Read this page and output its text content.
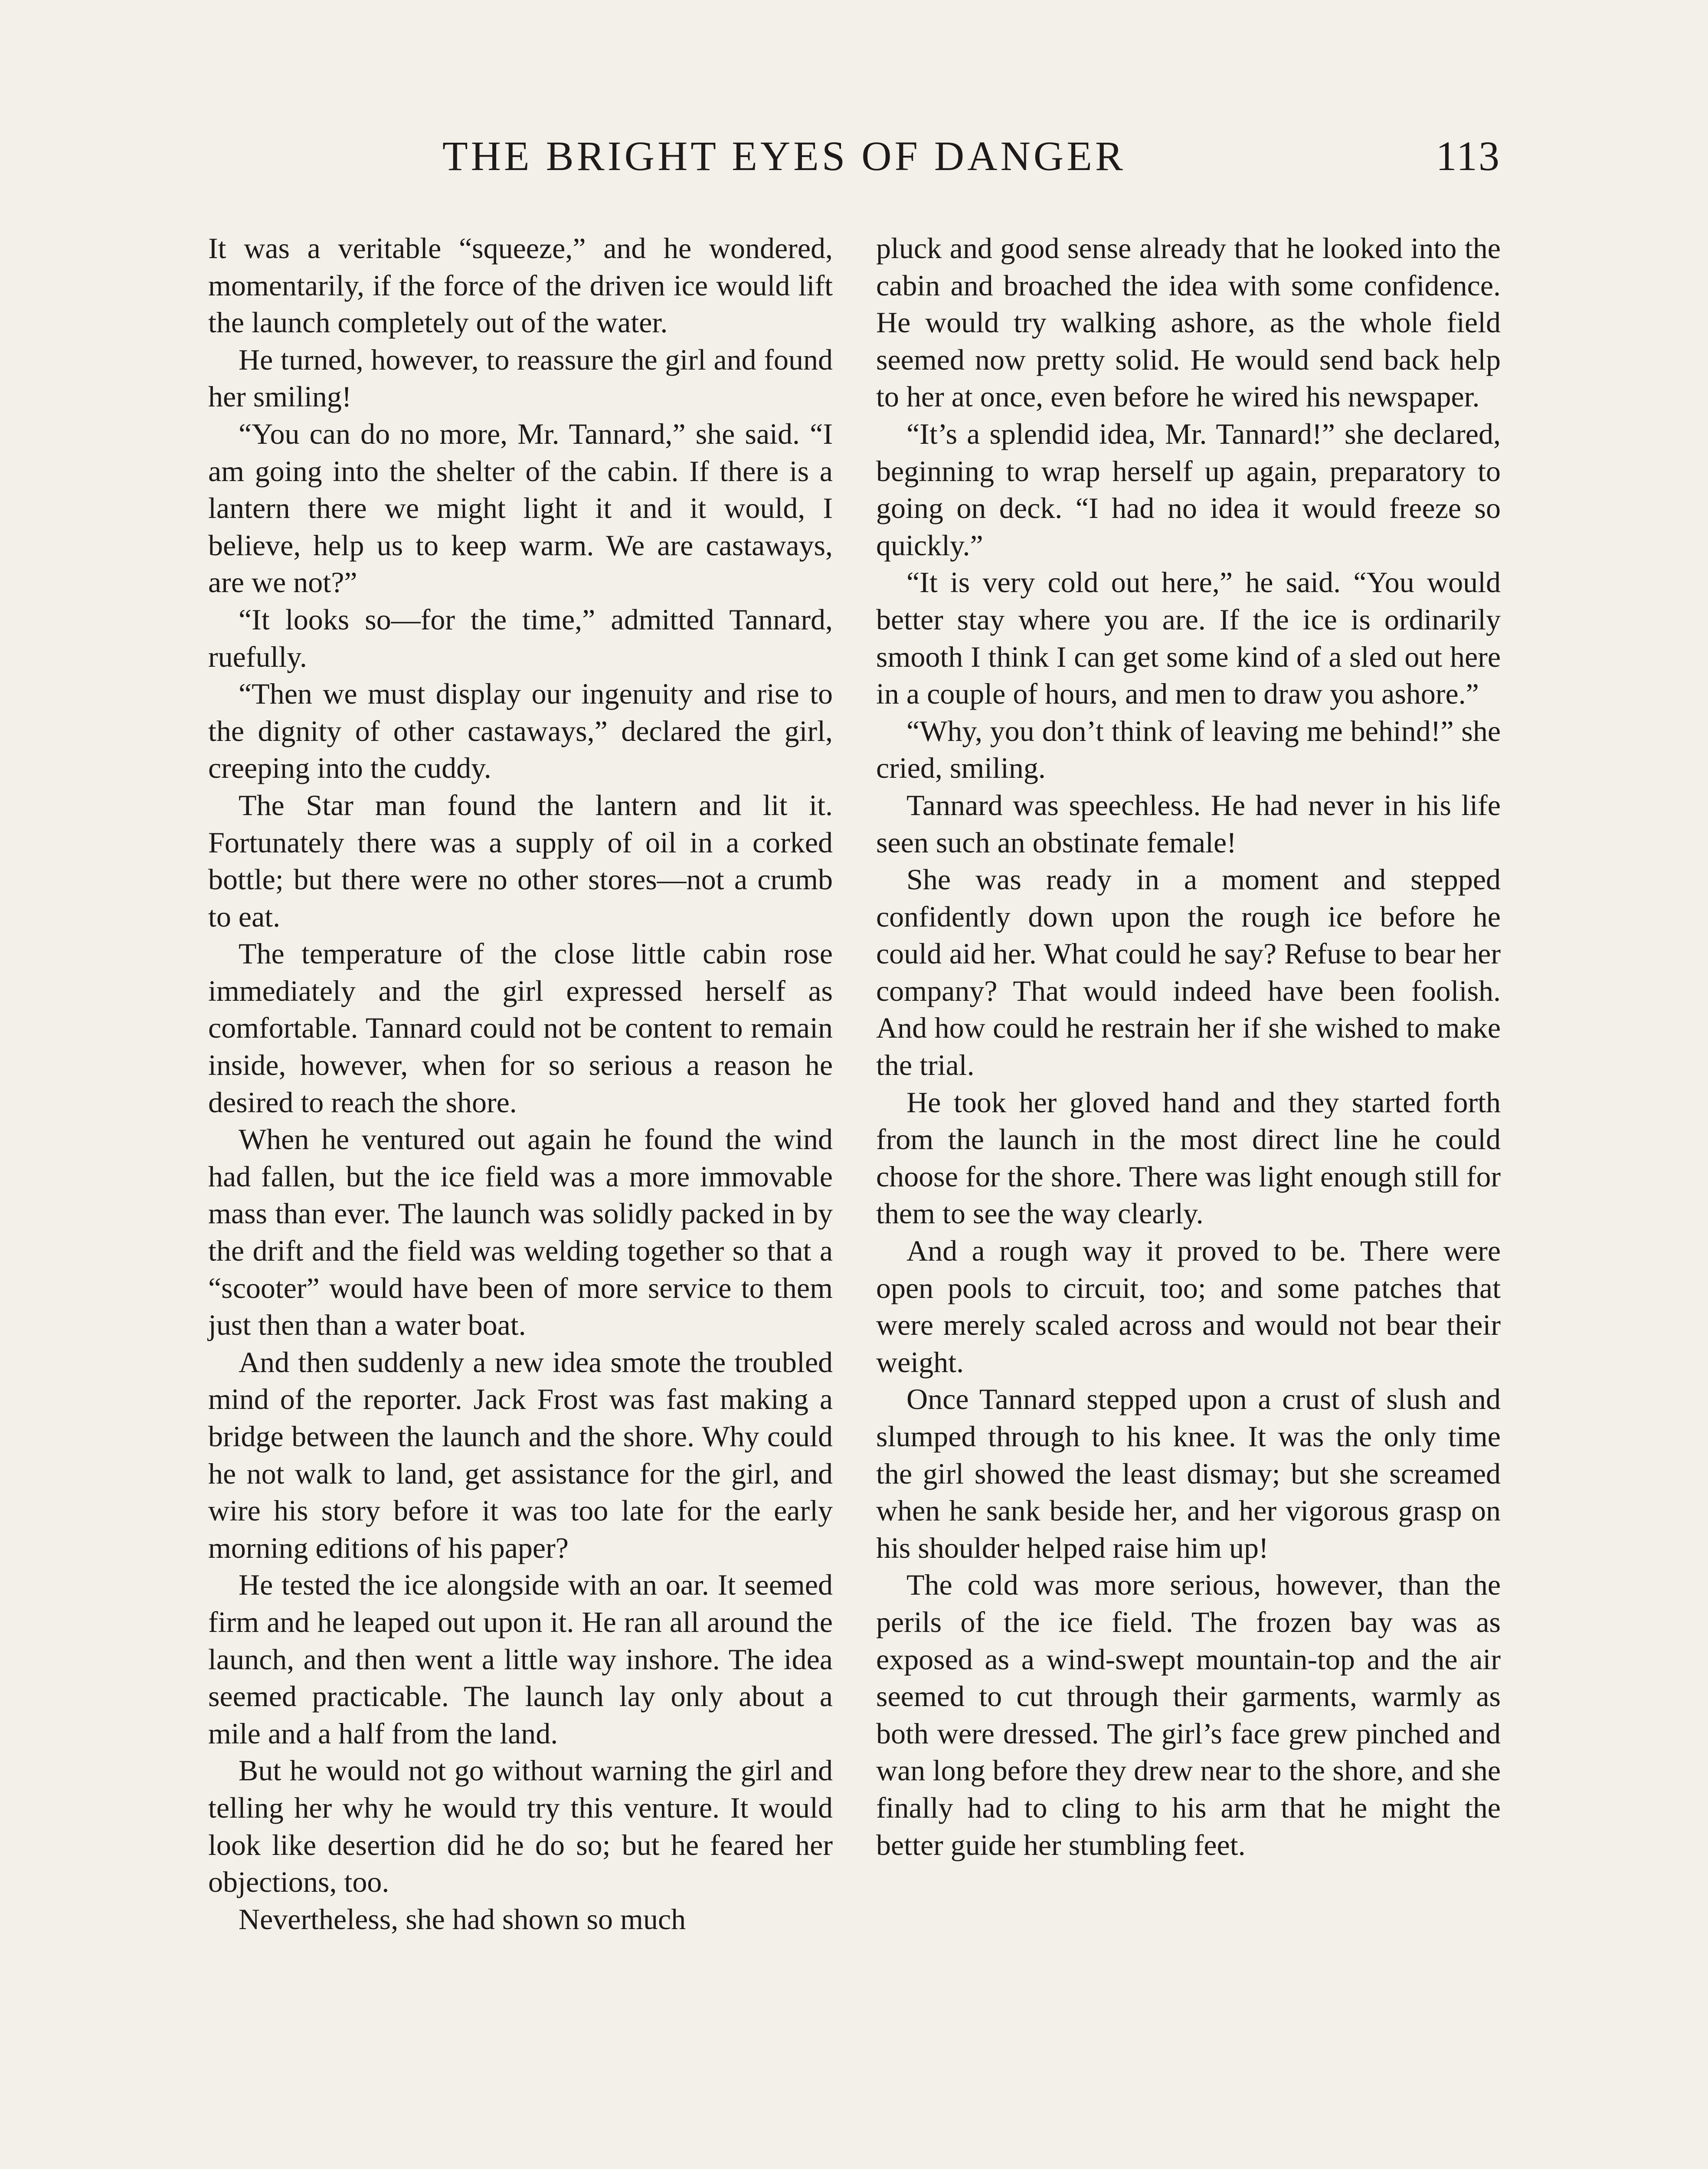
THE BRIGHT EYES OF DANGER	113

It was a veritable “squeeze,” and he wondered, momentarily, if the force of the driven ice would lift the launch completely out of the water.

He turned, however, to reassure the girl and found her smiling!

“You can do no more, Mr. Tannard,” she said. “I am going into the shelter of the cabin. If there is a lantern there we might light it and it would, I believe, help us to keep warm. We are castaways, are we not?”

“It looks so—for the time,” admitted Tannard, ruefully.

“Then we must display our ingenuity and rise to the dignity of other castaways,” declared the girl, creeping into the cuddy.

The Star man found the lantern and lit it. Fortunately there was a supply of oil in a corked bottle; but there were no other stores—not a crumb to eat.

The temperature of the close little cabin rose immediately and the girl expressed herself as comfortable. Tannard could not be content to remain inside, however, when for so serious a reason he desired to reach the shore.

When he ventured out again he found the wind had fallen, but the ice field was a more immovable mass than ever. The launch was solidly packed in by the drift and the field was welding together so that a “scooter” would have been of more service to them just then than a water boat.

And then suddenly a new idea smote the troubled mind of the reporter. Jack Frost was fast making a bridge between the launch and the shore. Why could he not walk to land, get assistance for the girl, and wire his story before it was too late for the early morning editions of his paper?

He tested the ice alongside with an oar. It seemed firm and he leaped out upon it. He ran all around the launch, and then went a little way inshore. The idea seemed practicable. The launch lay only about a mile and a half from the land.

But he would not go without warning the girl and telling her why he would try this venture. It would look like desertion did he do so; but he feared her objections, too.

Nevertheless, she had shown so much

pluck and good sense already that he looked into the cabin and broached the idea with some confidence. He would try walking ashore, as the whole field seemed now pretty solid. He would send back help to her at once, even before he wired his newspaper.

“It’s a splendid idea, Mr. Tannard!” she declared, beginning to wrap herself up again, preparatory to going on deck. “I had no idea it would freeze so quickly.”

“It is very cold out here,” he said. “You would better stay where you are. If the ice is ordinarily smooth I think I can get some kind of a sled out here in a couple of hours, and men to draw you ashore.”

“Why, you don’t think of leaving me behind!” she cried, smiling.

Tannard was speechless. He had never in his life seen such an obstinate female!

She was ready in a moment and stepped confidently down upon the rough ice before he could aid her. What could he say? Refuse to bear her company? That would indeed have been foolish. And how could he restrain her if she wished to make the trial.

He took her gloved hand and they started forth from the launch in the most direct line he could choose for the shore. There was light enough still for them to see the way clearly.

And a rough way it proved to be. There were open pools to circuit, too; and some patches that were merely scaled across and would not bear their weight.

Once Tannard stepped upon a crust of slush and slumped through to his knee. It was the only time the girl showed the least dismay; but she screamed when he sank beside her, and her vigorous grasp on his shoulder helped raise him up!

The cold was more serious, however, than the perils of the ice field. The frozen bay was as exposed as a wind-swept mountain-top and the air seemed to cut through their garments, warmly as both were dressed. The girl’s face grew pinched and wan long before they drew near to the shore, and she finally had to cling to his arm that he might the better guide her stumbling feet.
